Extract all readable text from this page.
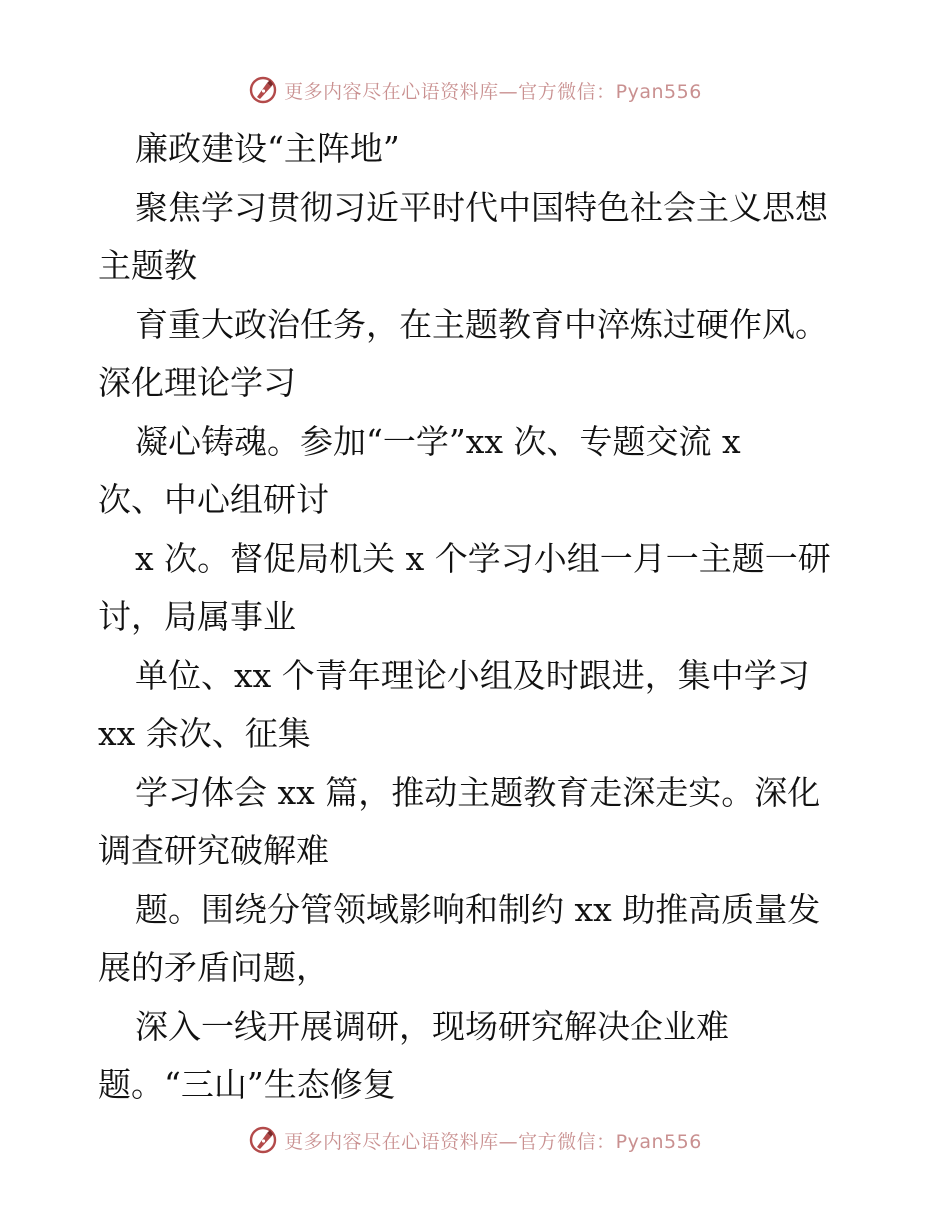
更多内容尽在心语资料库—官方微信：Pyan556
廉政建设“主阵地”
聚焦学习贯彻习近平时代中国特色社会主义思想
主题教
育重大政治任务，在主题教育中淬炼过硬作风。
深化理论学习
凝心铸魂。参加“一学”xx 次、专题交流 x
次、中心组研讨
x 次。督促局机关 x 个学习小组一月一主题一研
讨，局属事业
单位、xx 个青年理论小组及时跟进，集中学习
xx 余次、征集
学习体会 xx 篇，推动主题教育走深走实。深化
调查研究破解难
题。围绕分管领域影响和制约 xx 助推高质量发
展的矛盾问题，
深入一线开展调研，现场研究解决企业难
题。“三山”生态修复
更多内容尽在心语资料库—官方微信：Pyan556
